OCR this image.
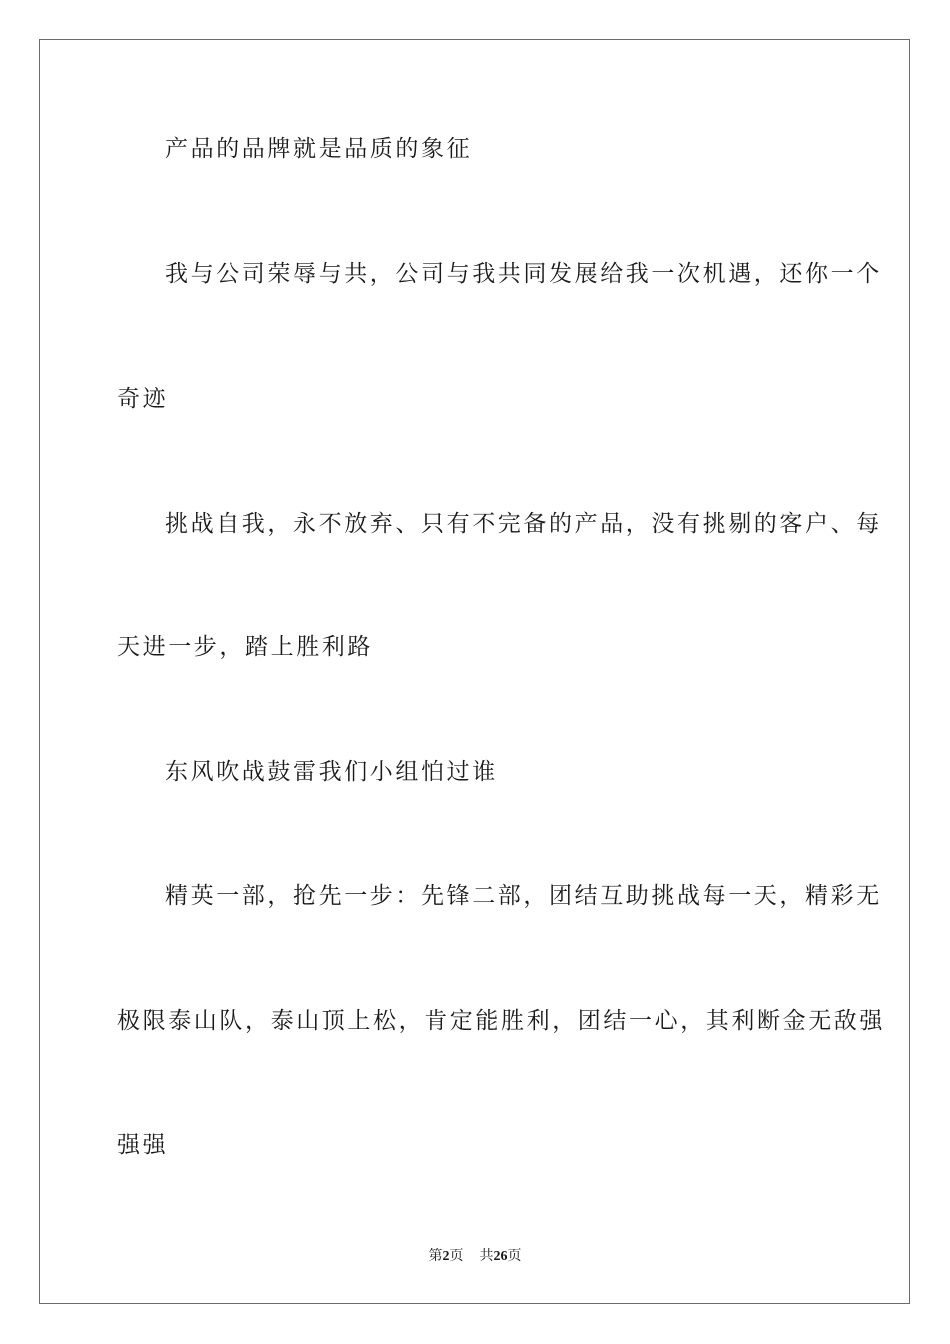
产品的品牌就是品质的象征
我与公司荣辱与共，公司与我共同发展给我一次机遇，还你一个
奇迹
挑战自我，永不放弃、只有不完备的产品，没有挑剔的客户、每
天进一步，踏上胜利路
东风吹战鼓雷我们小组怕过谁
精英一部，抢先一步：先锋二部，团结互助挑战每一天，精彩无
极限泰山队，泰山顶上松，肯定能胜利，团结一心，其利断金无敌强
强强
第2页 共26页
